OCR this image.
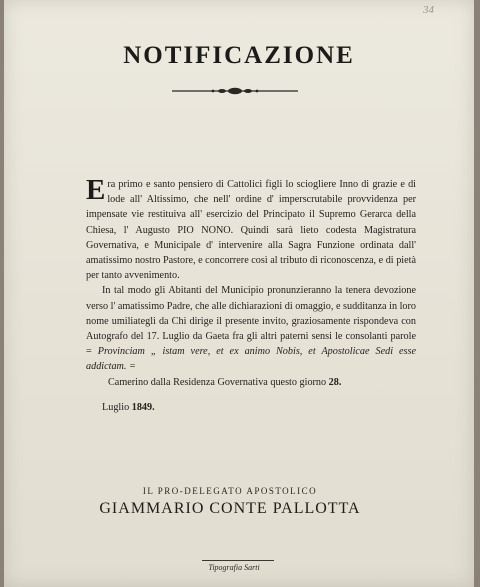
34
NOTIFICAZIONE

Era primo e santo pensiero di Cattolici figli lo sciogliere Inno di grazie e di lode all' Altissimo, che nell' ordine d' imperscrutabile provvidenza per impensate vie restituiva all' esercizio del Principato il Supremo Gerarca della Chiesa, l' Augusto PIO NONO. Quindi sarà lieto codesta Magistratura Governativa, e Municipale d' intervenire alla Sagra Funzione ordinata dall' amatissimo nostro Pastore, e concorrere così al tributo di riconoscenza, e di pietà per tanto avvenimento.

In tal modo gli Abitanti del Municipio pronunzieranno la tenera devozione verso l' amatissimo Padre, che alle dichiarazioni di omaggio, e sudditanza in loro nome umiliategli da Chi dirige il presente invito, graziosamente rispondeva con Autografo del 17. Luglio da Gaeta fra gli altri paterni sensi le consolanti parole = Provinciam „ istam vere, et ex animo Nobis, et Apostolicae Sedi esse addictam. =

Camerino dalla Residenza Governativa questo giorno 28.

Luglio 1849.

IL PRO-DELEGATO APOSTOLICO
GIAMMARIO CONTE PALLOTTA
Tipografia Sarti
